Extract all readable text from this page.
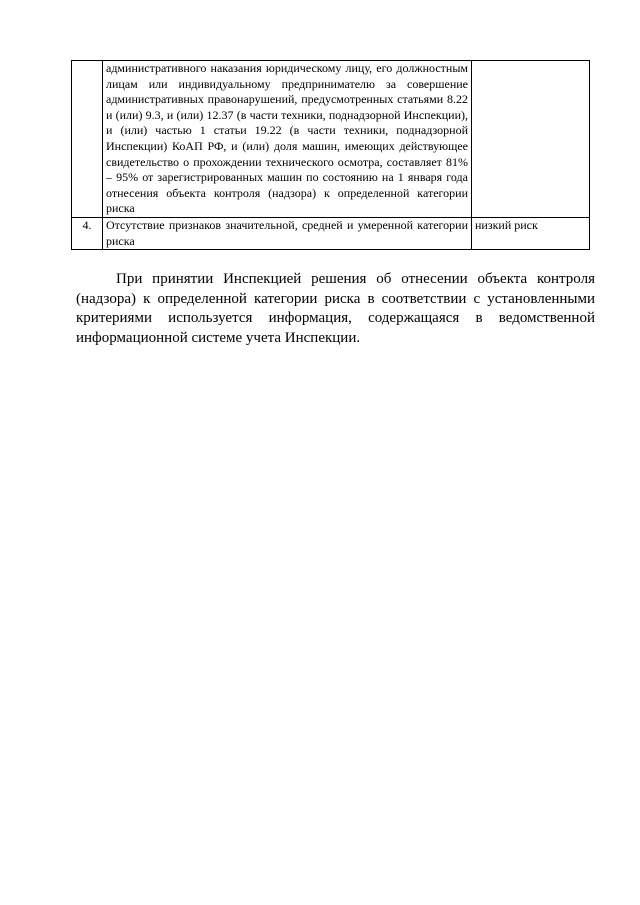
	административного наказания юридическому лицу, его должностным лицам или индивидуальному предпринимателю за совершение административных правонарушений, предусмотренных статьями 8.22 и (или) 9.3, и (или) 12.37 (в части техники, поднадзорной Инспекции), и (или) частью 1 статьи 19.22 (в части техники, поднадзорной Инспекции) КоАП РФ, и (или) доля машин, имеющих действующее свидетельство о прохождении технического осмотра, составляет 81% – 95% от зарегистрированных машин по состоянию на 1 января года отнесения объекта контроля (надзора) к определенной категории риска	
4.	Отсутствие признаков значительной, средней и умеренной категории риска	низкий риск

При принятии Инспекцией решения об отнесении объекта контроля (надзора) к определенной категории риска в соответствии с установленными критериями используется информация, содержащаяся в ведомственной информационной системе учета Инспекции.
